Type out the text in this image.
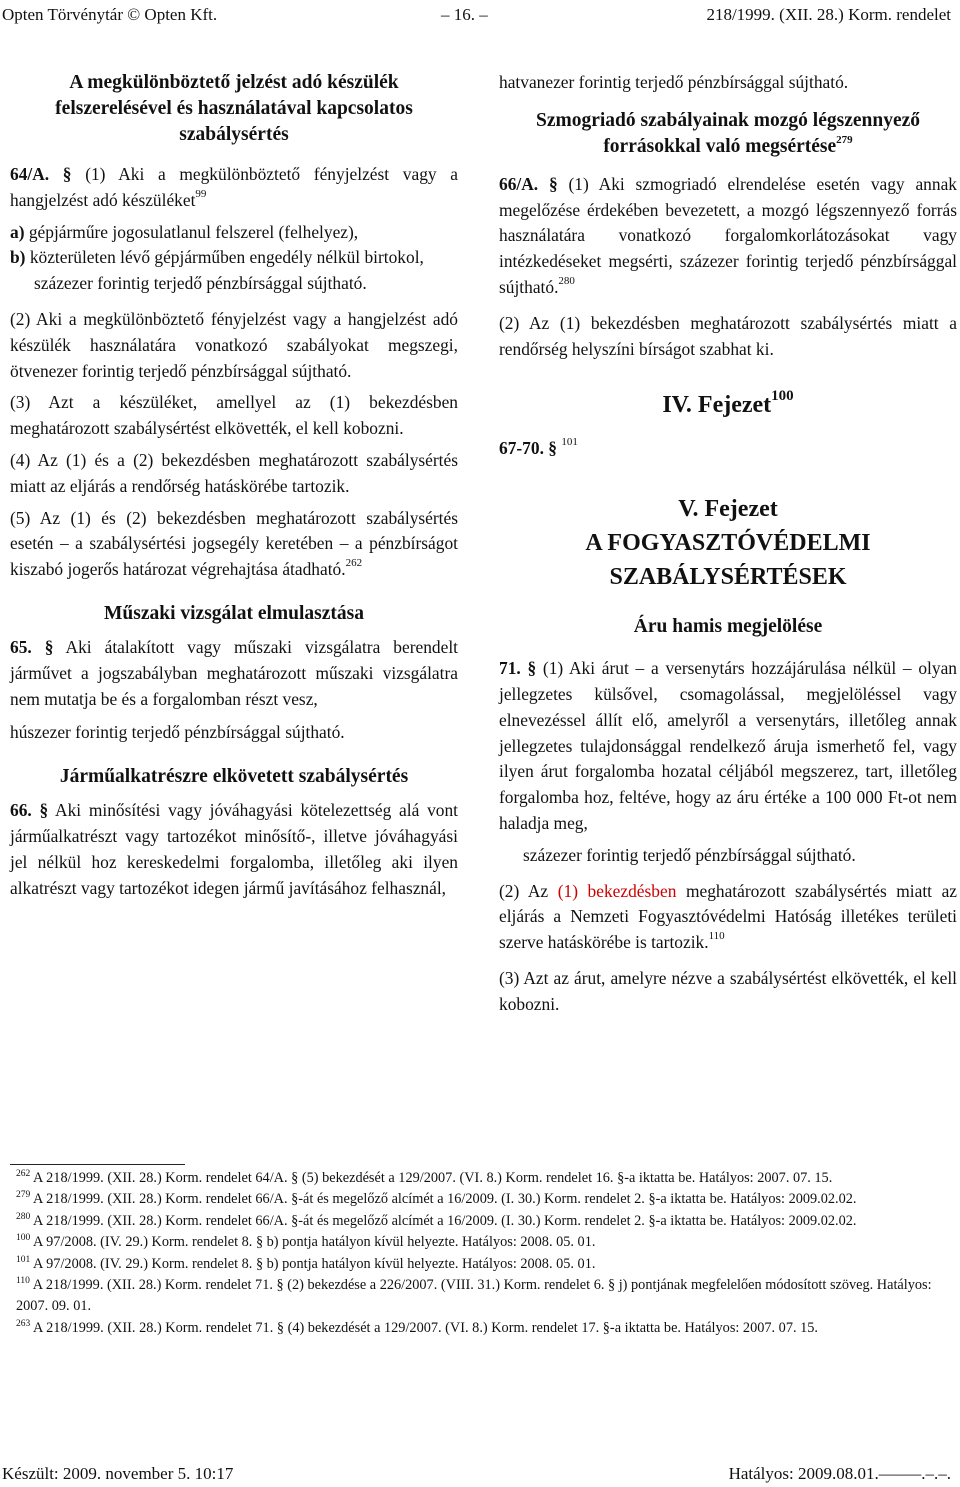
Opten Törvénytár © Opten Kft.	– 16. –	218/1999. (XII. 28.) Korm. rendelet

A megkülönböztető jelzést adó készülék felszerelésével és használatával kapcsolatos szabálysértés

64/A. § (1) Aki a megkülönböztető fényjelzést vagy a hangjelzést adó készüléket$^{99}$

a) gépjárműre jogosulatlanul felszerel (felhelyez),

b) közterületen lévő gépjárműben engedély nélkül birtokol,

százezer forintig terjedő pénzbírsággal sújtható.

(2) Aki a megkülönböztető fényjelzést vagy a hangjelzést adó készülék használatára vonatkozó szabályokat megszegi, ötvenezer forintig terjedő pénzbírsággal sújtható.

(3) Azt a készüléket, amellyel az (1) bekezdésben meghatározott szabálysértést elkövették, el kell kobozni.

(4) Az (1) és a (2) bekezdésben meghatározott szabálysértés miatt az eljárás a rendőrség hatáskörébe tartozik.

(5) Az (1) és (2) bekezdésben meghatározott szabálysértés esetén – a szabálysértési jogsegély keretében – a pénzbírságot kiszabó jogerős határozat végrehajtása átadható.$^{262}$

Műszaki vizsgálat elmulasztása

65. § Aki átalakított vagy műszaki vizsgálatra berendelt járművet a jogszabályban meghatározott műszaki vizsgálatra nem mutatja be és a forgalomban részt vesz,

húszezer forintig terjedő pénzbírsággal sújtható.

Járműalkatrészre elkövetett szabálysértés

66. § Aki minősítési vagy jóváhagyási kötelezettség alá vont járműalkatrészt vagy tartozékot minősítő-, illetve jóváhagyási jel nélkül hoz kereskedelmi forgalomba, illetőleg aki ilyen alkatrészt vagy tartozékot idegen jármű javításához felhasznál,

hatvanezer forintig terjedő pénzbírsággal sújtható.

Szmogriadó szabályainak mozgó légszennyező forrásokkal való megsértése$^{279}$

66/A. § (1) Aki szmogriadó elrendelése esetén vagy annak megelőzése érdekében bevezetett, a mozgó légszennyező forrás használatára vonatkozó forgalomkorlátozásokat vagy intézkedéseket megsérti, százezer forintig terjedő pénzbírsággal sújtható.$^{280}$

(2) Az (1) bekezdésben meghatározott szabálysértés miatt a rendőrség helyszíni bírságot szabhat ki.

IV. Fejezet$^{100}$

67-70. § $^{101}$

V. Fejezet

A FOGYASZTÓVÉDELMI

SZABÁLYSÉRTÉSEK

Áru hamis megjelölése

71. § (1) Aki árut – a versenytárs hozzájárulása nélkül – olyan jellegzetes külsővel, csomagolással, megjelöléssel vagy elnevezéssel állít elő, amelyről a versenytárs, illetőleg annak jellegzetes tulajdonsággal rendelkező áruja ismerhető fel, vagy ilyen árut forgalomba hozatal céljából megszerez, tart, illetőleg forgalomba hoz, feltéve, hogy az áru értéke a 100 000 Ft-ot nem haladja meg,

százezer forintig terjedő pénzbírsággal sújtható.

(2) Az (1) bekezdésben meghatározott szabálysértés miatt az eljárás a Nemzeti Fogyasztóvédelmi Hatóság illetékes területi szerve hatáskörébe is tartozik.$^{110}$

(3) Azt az árut, amelyre nézve a szabálysértést elkövették, el kell kobozni.

$^{262}$ A 218/1999. (XII. 28.) Korm. rendelet 64/A. § (5) bekezdését a 129/2007. (VI. 8.) Korm. rendelet 16. §-a iktatta be. Hatályos: 2007. 07. 15.

$^{279}$ A 218/1999. (XII. 28.) Korm. rendelet 66/A. §-át és megelőző alcímét a 16/2009. (I. 30.) Korm. rendelet 2. §-a iktatta be. Hatályos: 2009.02.02.

$^{280}$ A 218/1999. (XII. 28.) Korm. rendelet 66/A. §-át és megelőző alcímét a 16/2009. (I. 30.) Korm. rendelet 2. §-a iktatta be. Hatályos: 2009.02.02.

$^{100}$ A 97/2008. (IV. 29.) Korm. rendelet 8. § b) pontja hatályon kívül helyezte. Hatályos: 2008. 05. 01.

$^{101}$ A 97/2008. (IV. 29.) Korm. rendelet 8. § b) pontja hatályon kívül helyezte. Hatályos: 2008. 05. 01.

$^{110}$ A 218/1999. (XII. 28.) Korm. rendelet 71. § (2) bekezdése a 226/2007. (VIII. 31.) Korm. rendelet 6. § j) pontjának megfelelően módosított szöveg. Hatályos: 2007. 09. 01.

$^{263}$ A 218/1999. (XII. 28.) Korm. rendelet 71. § (4) bekezdését a 129/2007. (VI. 8.) Korm. rendelet 17. §-a iktatta be. Hatályos: 2007. 07. 15.

Készült: 2009. november 5. 10:17	Hatályos: 2009.08.01.–––––.–.–.
